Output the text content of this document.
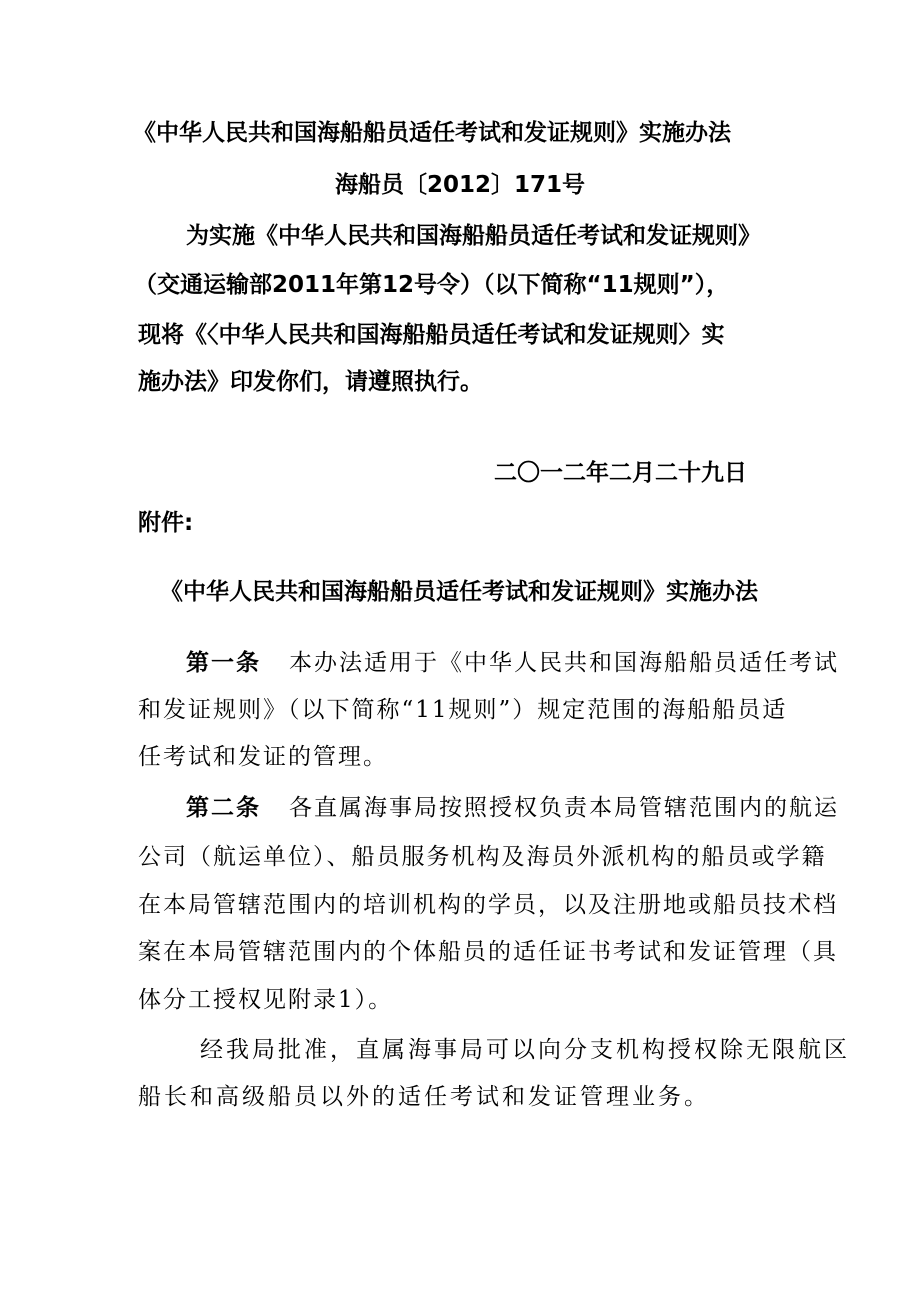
《中华人民共和国海船船员适任考试和发证规则》实施办法
海船员〔2012〕171号
为实施《中华人民共和国海船船员适任考试和发证规则》
（交通运输部2011年第12号令）（以下简称“11规则”），
现将《〈中华人民共和国海船船员适任考试和发证规则〉实
施办法》印发你们，请遵照执行。
二〇一二年二月二十九日
附件:
《中华人民共和国海船船员适任考试和发证规则》实施办法
第一条 本办法适用于《中华人民共和国海船船员适任考试
和发证规则》（以下简称“11规则”）规定范围的海船船员适
任考试和发证的管理。
第二条 各直属海事局按照授权负责本局管辖范围内的航运
公司（航运单位）、船员服务机构及海员外派机构的船员或学籍
在本局管辖范围内的培训机构的学员，以及注册地或船员技术档
案在本局管辖范围内的个体船员的适任证书考试和发证管理（具
体分工授权见附录1）。
经我局批准，直属海事局可以向分支机构授权除无限航区
船长和高级船员以外的适任考试和发证管理业务。
